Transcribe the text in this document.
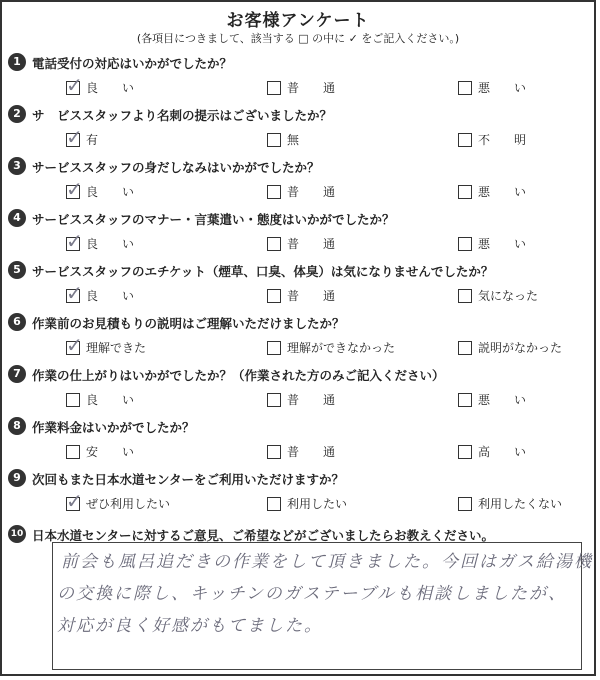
お客様アンケート
(各項目につきまして、該当する □ の中に ✓ をご記入ください。)
1 電話受付の対応はいかがでしたか？
✓
良　　い	普　　通	悪　　い
2 サ　ビススタッフより名刺の提示はございましたか？
✓
有	無	不　　明
3 サービススタッフの身だしなみはいかがでしたか？
✓
良　　い	普　　通	悪　　い
4 サービススタッフのマナー・言葉遣い・態度はいかがでしたか？
✓
良　　い	普　　通	悪　　い
5 サービススタッフのエチケット（煙草、口臭、体臭）は気になりませんでしたか？
✓
良　　い	普　　通	気になった
6 作業前のお見積もりの説明はご理解いただけましたか？
✓
理解できた	理解ができなかった	説明がなかった
7 作業の仕上がりはいかがでしたか？（作業された方のみご記入ください）
良　　い	普　　通	悪　　い
8 作業料金はいかがでしたか？
安　　い	普　　通	高　　い
9 次回もまた日本水道センターをご利用いただけますか？
✓
ぜひ利用したい	利用したい	利用したくない
10 日本水道センターに対するご意見、ご希望などがございましたらお教えください。
前会も風呂追だきの作業をして頂きました。今回はガス給湯機
の交換に際し、キッチンのガステーブルも相談しましたが、
対応が良く好感がもてました。
